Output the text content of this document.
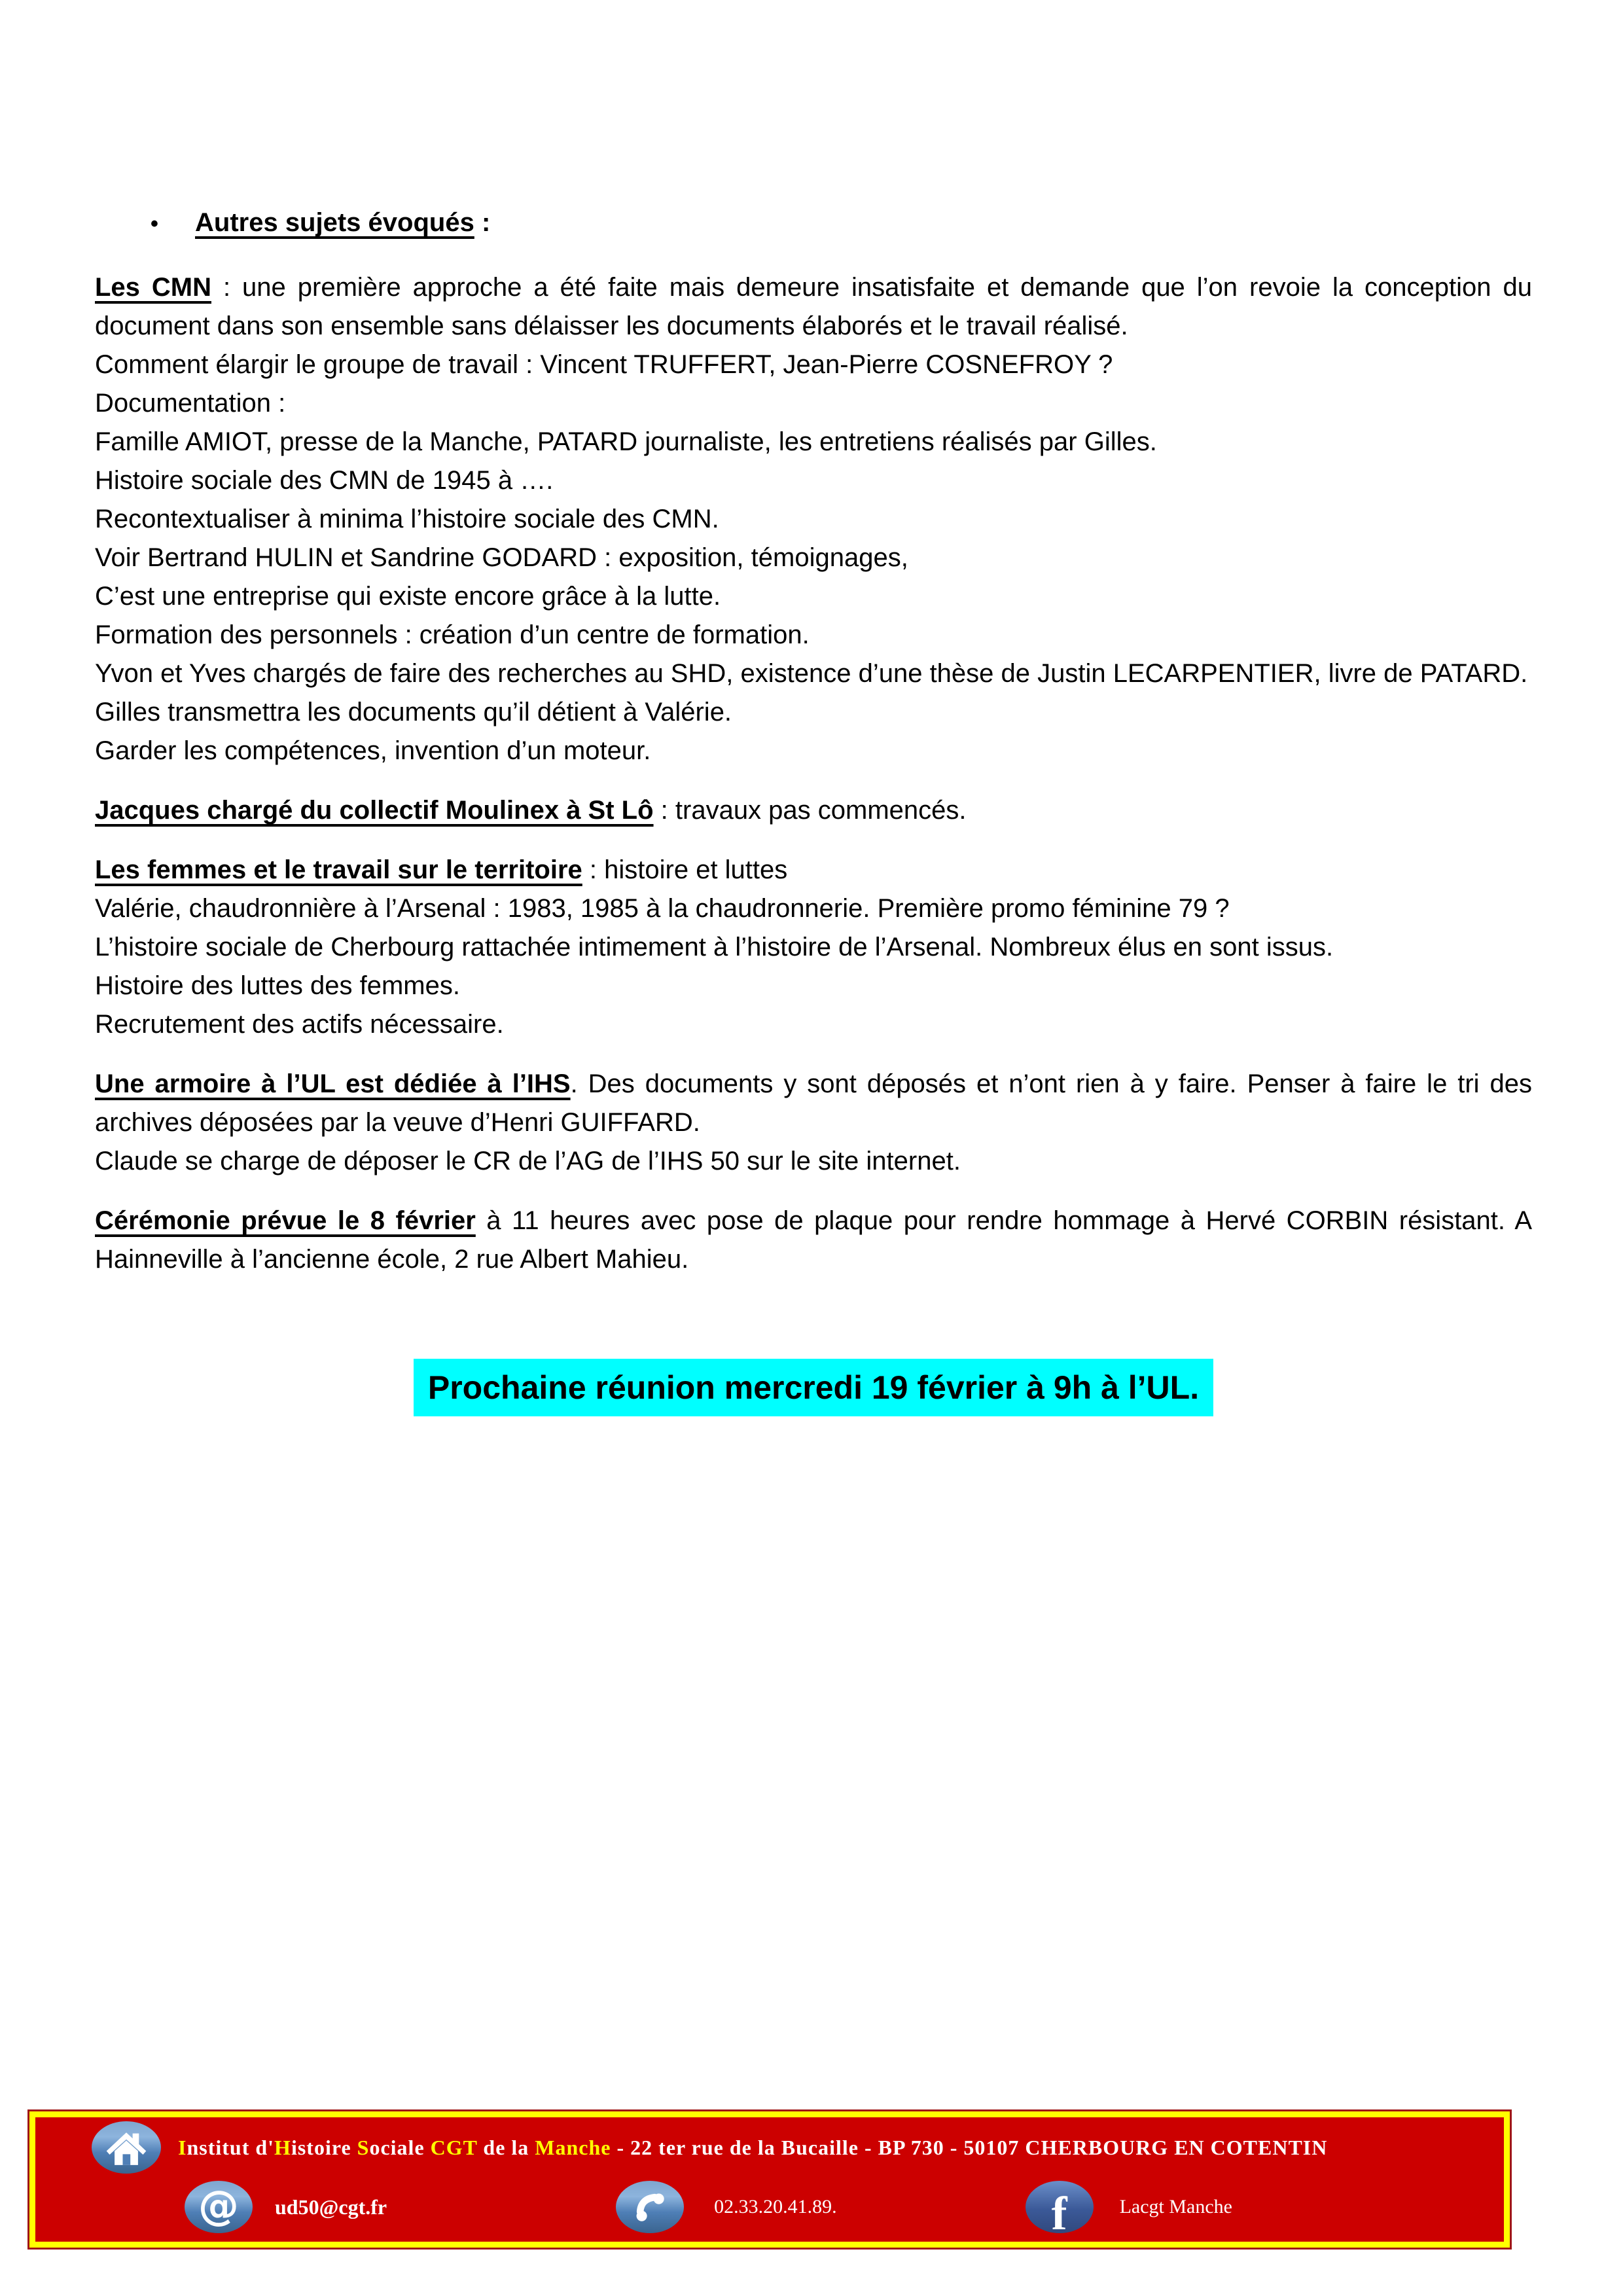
• Autres sujets évoqués :
Les CMN : une première approche a été faite mais demeure insatisfaite et demande que l’on revoie la conception du document dans son ensemble sans délaisser les documents élaborés et le travail réalisé.
Comment élargir le groupe de travail : Vincent TRUFFERT, Jean-Pierre COSNEFROY ?
Documentation :
Famille AMIOT, presse de la Manche, PATARD journaliste, les entretiens réalisés par Gilles.
Histoire sociale des CMN de 1945 à ….
Recontextualiser à minima l’histoire sociale des CMN.
Voir Bertrand HULIN et Sandrine GODARD : exposition, témoignages,
C’est une entreprise qui existe encore grâce à la lutte.
Formation des personnels : création d’un centre de formation.
Yvon et Yves chargés de faire des recherches au SHD, existence d’une thèse de Justin LECARPENTIER, livre de PATARD.
Gilles transmettra les documents qu’il détient à Valérie.
Garder les compétences, invention d’un moteur.
Jacques chargé du collectif Moulinex à St Lô : travaux pas commencés.
Les femmes et le travail sur le territoire : histoire et luttes
Valérie, chaudronnière à l’Arsenal : 1983, 1985 à la chaudronnerie. Première promo féminine 79 ?
L’histoire sociale de Cherbourg rattachée intimement à l’histoire de l’Arsenal. Nombreux élus en sont issus.
Histoire des luttes des femmes.
Recrutement des actifs nécessaire.
Une armoire à l’UL est dédiée à l’IHS. Des documents y sont déposés et n’ont rien à y faire. Penser à faire le tri des archives déposées par la veuve d’Henri GUIFFARD.
Claude se charge de déposer le CR de l’AG de l’IHS 50 sur le site internet.
Cérémonie prévue le 8 février à 11 heures avec pose de plaque pour rendre hommage à Hervé CORBIN résistant. A Hainneville à l’ancienne école, 2 rue Albert Mahieu.
Prochaine réunion mercredi 19 février à 9h à l’UL.
Institut d'Histoire Sociale CGT de la Manche - 22 ter rue de la Bucaille - BP 730 - 50107 CHERBOURG EN COTENTIN
@ ud50@cgt.fr	02.33.20.41.89.	f	Lacgt Manche
